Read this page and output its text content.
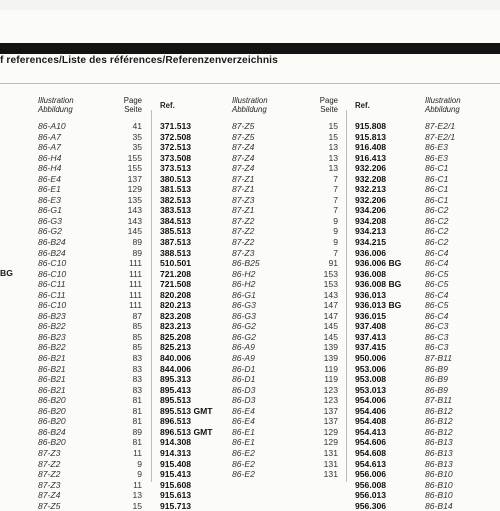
f references/Liste des références/Referenzenverzeichnis
Illustration
Abbildung
Page
Seite Ref.
Illustration
Abbildung
Page
Seite Ref.
Illustration
Abbildung
BG
86-A10
86-A7
86-A7
86-H4
86-H4
86-E4
86-E1
86-E3
86-G1
86-G3
86-G2
86-B24
86-B24
86-C10
86-C10
86-C11
86-C11
86-C10
86-B23
86-B22
86-B23
86-B22
86-B21
86-B21
86-B21
86-B21
86-B20
86-B20
86-B20
86-B24
86-B20
87-Z3
87-Z2
87-Z2
87-Z3
87-Z4
87-Z5
41
35
35
155
155
137
129
135
143
143
145
89
89
111
111
111
111
111
87
85
85
85
83
83
83
83
81
81
81
89
81
11
9
9
11
13
15
371.513
372.508
372.513
373.508
373.513
380.513
381.513
382.513
383.513
384.513
385.513
387.513
388.513
510.501
721.208
721.508
820.208
820.213
823.208
823.213
825.208
825.213
840.006
844.006
895.313
895.413
895.513
895.513 GMT
896.513
896.513 GMT
914.308
914.313
915.408
915.413
915.608
915.613
915.713
87-Z5
87-Z5
87-Z4
87-Z4
87-Z4
87-Z1
87-Z1
87-Z3
87-Z1
87-Z2
87-Z2
87-Z2
87-Z3
86-B25
86-H2
86-H2
86-G1
86-G3
86-G3
86-G2
86-G2
86-A9
86-A9
86-D1
86-D1
86-D3
86-D3
86-E4
86-E4
86-E1
86-E1
86-E2
86-E2
86-E2
15
15
13
13
13
7
7
7
7
9
9
9
7
91
153
153
143
147
147
145
145
139
139
119
119
123
123
137
137
129
129
131
131
131
915.808
915.813
916.408
916.413
932.206
932.208
932.213
932.206
934.206
934.208
934.213
934.215
936.006
936.006 BG
936.008
936.008 BG
936.013
936.013 BG
936.015
937.408
937.413
937.415
950.006
953.006
953.008
953.013
954.006
954.406
954.408
954.413
954.606
954.608
954.613
956.006
956.008
956.013
956.306
87-E2/1
87-E2/1
86-E3
86-E3
86-C1
86-C1
86-C1
86-C1
86-C2
86-C2
86-C2
86-C2
86-C4
86-C4
86-C5
86-C5
86-C4
86-C5
86-C4
86-C3
86-C3
86-C3
87-B11
86-B9
86-B9
86-B9
87-B11
86-B12
86-B12
86-B12
86-B13
86-B13
86-B13
86-B10
86-B10
86-B10
86-B14
